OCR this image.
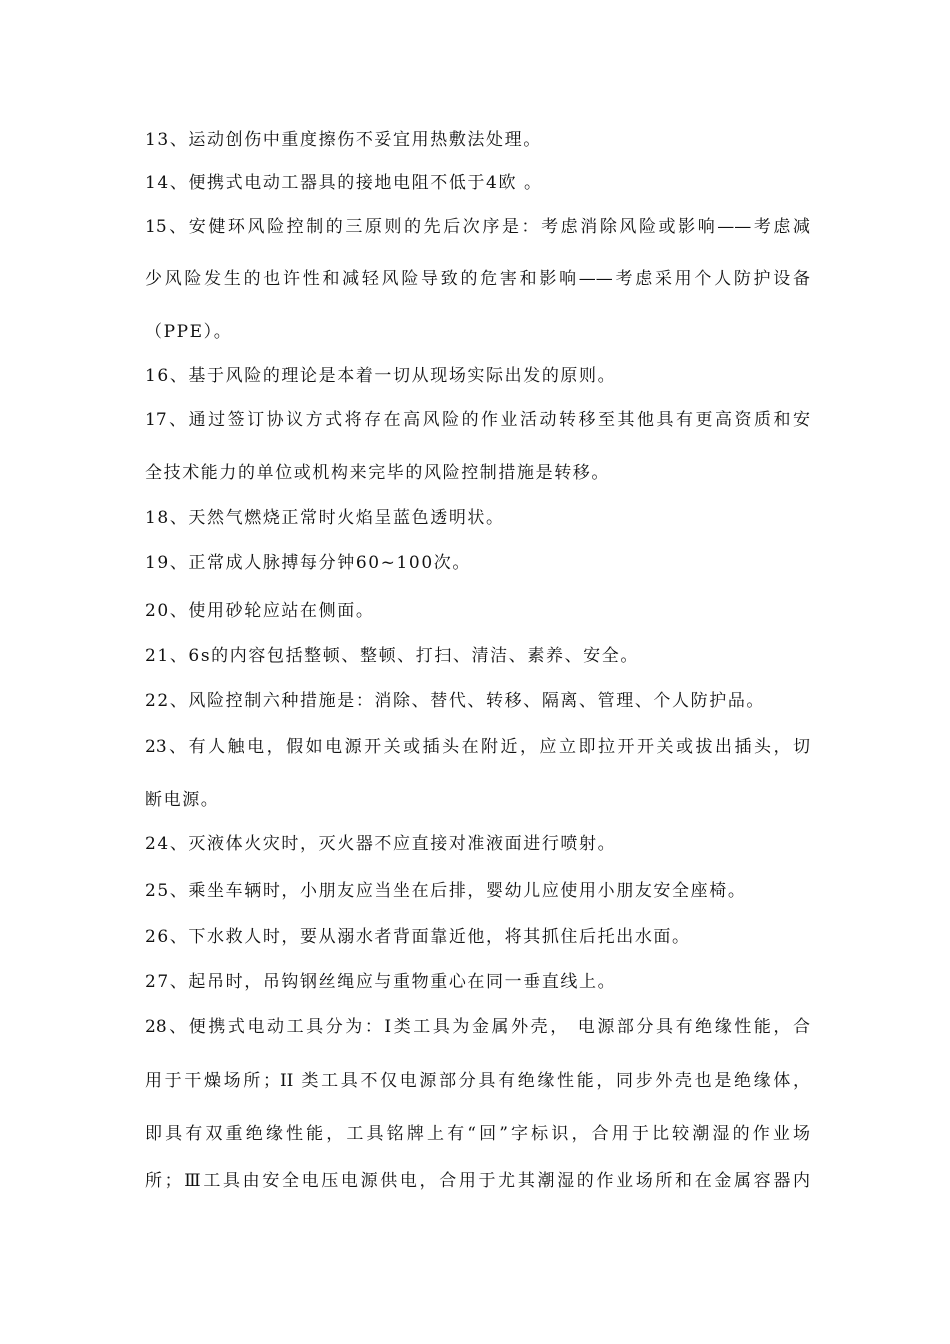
13、运动创伤中重度擦伤不妥宜用热敷法处理。
14、便携式电动工器具的接地电阻不低于4欧 。
15、安健环风险控制的三原则的先后次序是：考虑消除风险或影响——考虑减
少风险发生的也许性和减轻风险导致的危害和影响——考虑采用个人防护设备
（PPE）。
16、基于风险的理论是本着一切从现场实际出发的原则。
17、通过签订协议方式将存在高风险的作业活动转移至其他具有更高资质和安
全技术能力的单位或机构来完毕的风险控制措施是转移。
18、天然气燃烧正常时火焰呈蓝色透明状。
19、正常成人脉搏每分钟60~100次。
20、使用砂轮应站在侧面。
21、6s的内容包括整顿、整顿、打扫、清洁、素养、安全。
22、风险控制六种措施是：消除、替代、转移、隔离、管理、个人防护品。
23、有人触电，假如电源开关或插头在附近，应立即拉开开关或拔出插头，切
断电源。
24、灭液体火灾时，灭火器不应直接对准液面进行喷射。
25、乘坐车辆时，小朋友应当坐在后排，婴幼儿应使用小朋友安全座椅。
26、下水救人时，要从溺水者背面靠近他，将其抓住后托出水面。
27、起吊时，吊钩钢丝绳应与重物重心在同一垂直线上。
28、便携式电动工具分为：I类工具为金属外壳， 电源部分具有绝缘性能，合
用于干燥场所；II 类工具不仅电源部分具有绝缘性能，同步外壳也是绝缘体，
即具有双重绝缘性能，工具铭牌上有“回”字标识，合用于比较潮湿的作业场
所；Ⅲ工具由安全电压电源供电，合用于尤其潮湿的作业场所和在金属容器内
